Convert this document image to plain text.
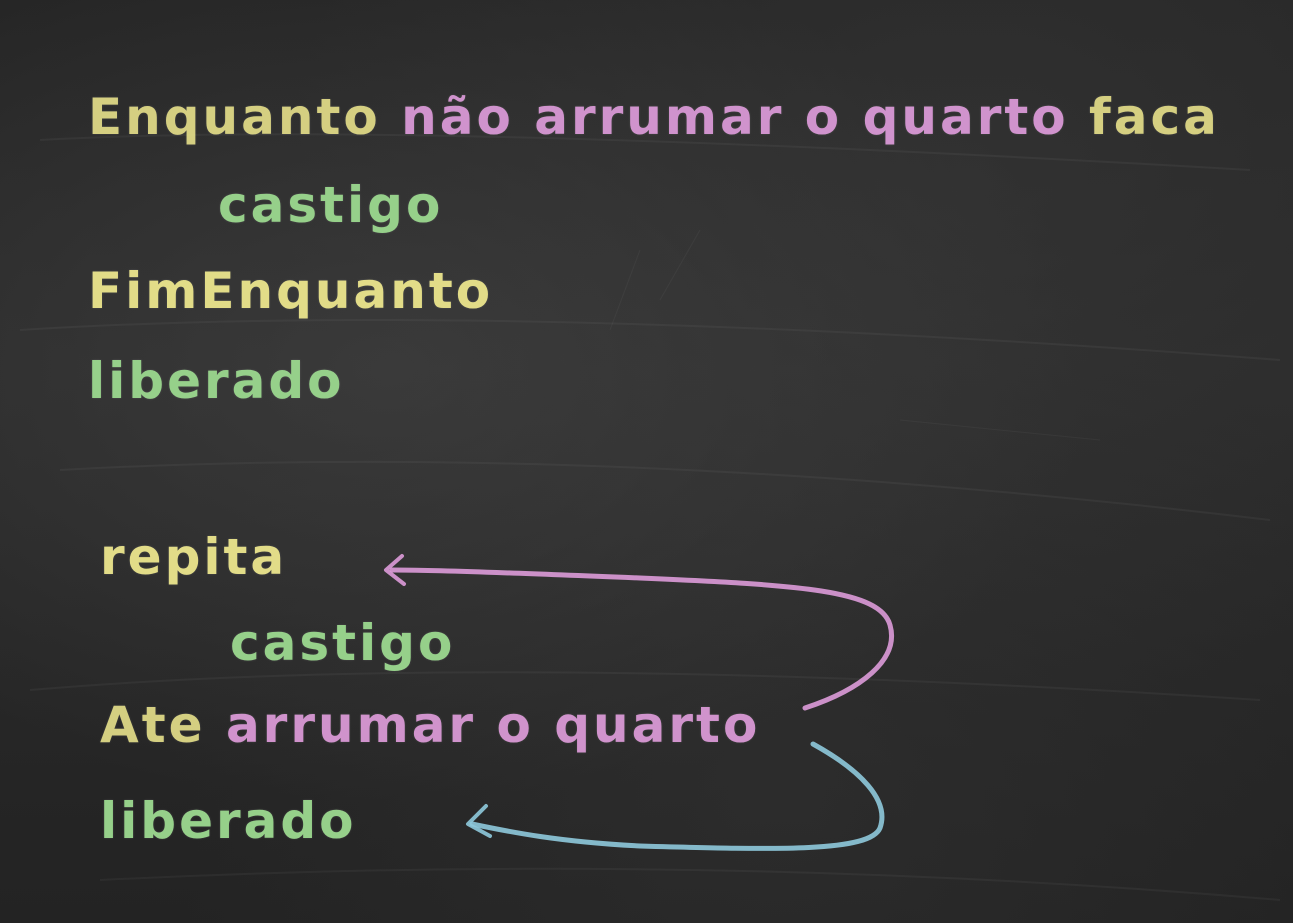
Enquanto não arrumar o quarto faca
castigo
FimEnquanto
liberado
repita
castigo
Ate arrumar o quarto
liberado
